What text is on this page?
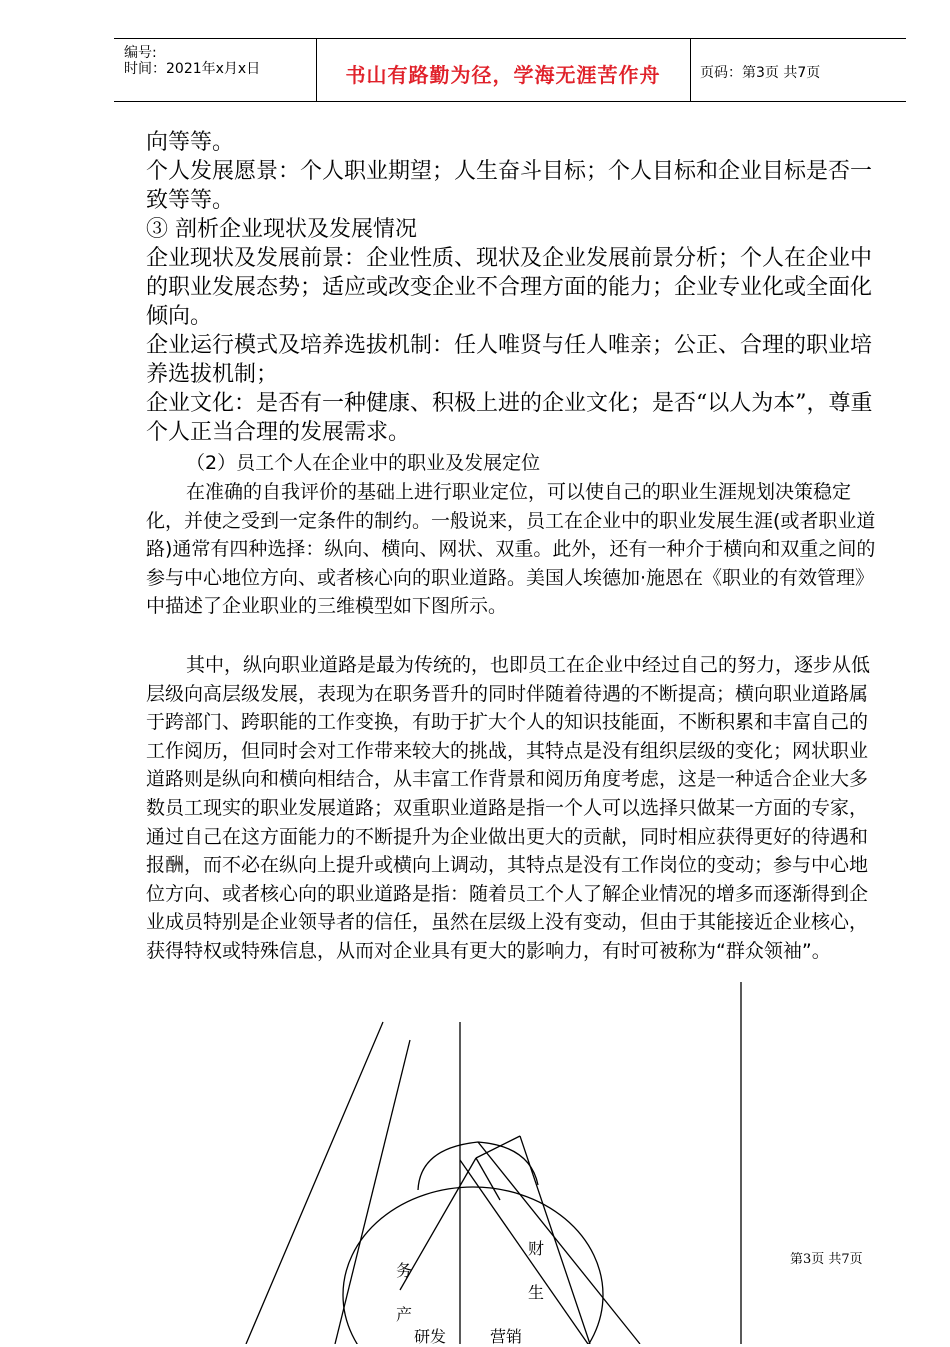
编号:
时间：2021年x月x日	书山有路勤为径，学海无涯苦作舟	页码：第3页 共7页

向等等。

个人发展愿景：个人职业期望；人生奋斗目标；个人目标和企业目标是否一致等等。

③ 剖析企业现状及发展情况

企业现状及发展前景：企业性质、现状及企业发展前景分析；个人在企业中的职业发展态势；适应或改变企业不合理方面的能力；企业专业化或全面化倾向。

企业运行模式及培养选拔机制：任人唯贤与任人唯亲；公正、合理的职业培养选拔机制；

企业文化：是否有一种健康、积极上进的企业文化；是否“以人为本”，尊重个人正当合理的发展需求。

（2）员工个人在企业中的职业及发展定位

在准确的自我评价的基础上进行职业定位，可以使自己的职业生涯规划决策稳定化，并使之受到一定条件的制约。一般说来，员工在企业中的职业发展生涯(或者职业道路)通常有四种选择：纵向、横向、网状、双重。此外，还有一种介于横向和双重之间的参与中心地位方向、或者核心向的职业道路。美国人埃德加·施恩在《职业的有效管理》中描述了企业职业的三维模型如下图所示。

其中，纵向职业道路是最为传统的，也即员工在企业中经过自己的努力，逐步从低层级向高层级发展，表现为在职务晋升的同时伴随着待遇的不断提高；横向职业道路属于跨部门、跨职能的工作变换，有助于扩大个人的知识技能面，不断积累和丰富自己的工作阅历，但同时会对工作带来较大的挑战，其特点是没有组织层级的变化；网状职业道路则是纵向和横向相结合，从丰富工作背景和阅历角度考虑，这是一种适合企业大多数员工现实的职业发展道路；双重职业道路是指一个人可以选择只做某一方面的专家，通过自己在这方面能力的不断提升为企业做出更大的贡献，同时相应获得更好的待遇和报酬，而不必在纵向上提升或横向上调动，其特点是没有工作岗位的变动；参与中心地位方向、或者核心向的职业道路是指：随着员工个人了解企业情况的增多而逐渐得到企业成员特别是企业领导者的信任，虽然在层级上没有变动，但由于其能接近企业核心，获得特权或特殊信息，从而对企业具有更大的影响力，有时可被称为“群众领袖”。

财
生
务
产
研发	营销
第3页 共7页
